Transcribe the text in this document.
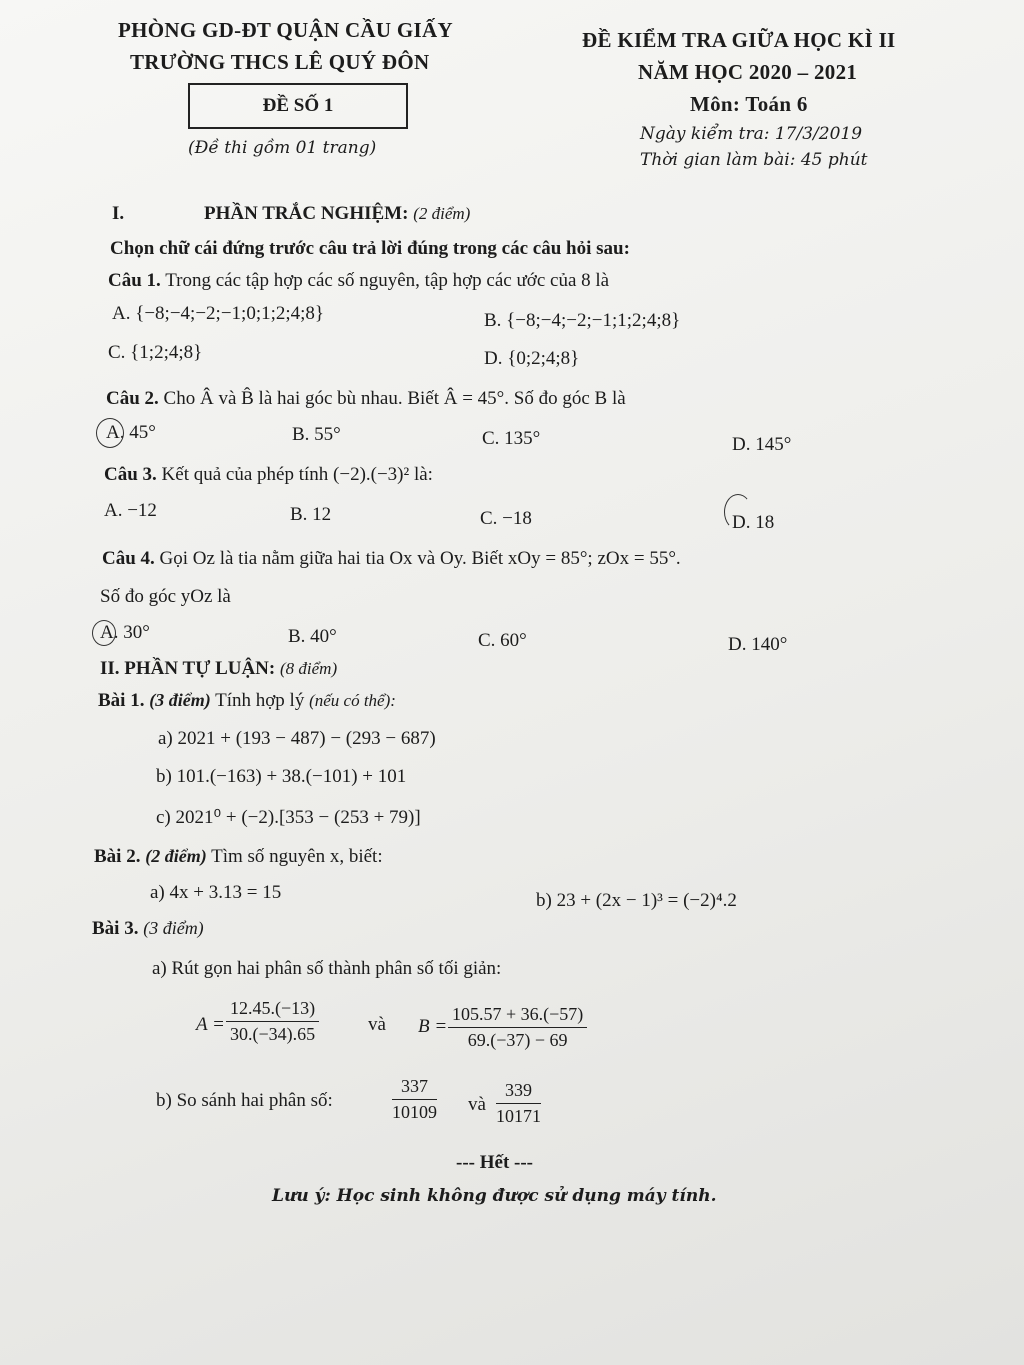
PHÒNG GD-ĐT QUẬN CẦU GIẤY
TRƯỜNG THCS LÊ QUÝ ĐÔN
ĐỀ SỐ 1
(Đề thi gồm 01 trang)
ĐỀ KIỂM TRA GIỮA HỌC KÌ II
NĂM HỌC 2020 – 2021
Môn: Toán 6
Ngày kiểm tra: 17/3/2019
Thời gian làm bài: 45 phút
I.	PHẦN TRẮC NGHIỆM: (2 điểm)
Chọn chữ cái đứng trước câu trả lời đúng trong các câu hỏi sau:
Câu 1. Trong các tập hợp các số nguyên, tập hợp các ước của 8 là
A. {−8;−4;−2;−1;0;1;2;4;8}	B. {−8;−4;−2;−1;1;2;4;8}
C. {1;2;4;8}	D. {0;2;4;8}
Câu 2. Cho Â và B̂ là hai góc bù nhau. Biết Â = 45°. Số đo góc B là
A. 45°	B. 55°	C. 135°	D. 145°
Câu 3. Kết quả của phép tính (−2).(−3)² là:
A. −12	B. 12	C. −18	D. 18
Câu 4. Gọi Oz là tia nằm giữa hai tia Ox và Oy. Biết xOy = 85°; zOx = 55°.
Số đo góc yOz là
A. 30°	B. 40°	C. 60°	D. 140°
II. PHẦN TỰ LUẬN: (8 điểm)
Bài 1. (3 điểm) Tính hợp lý (nếu có thể):
a) 2021 + (193 − 487) − (293 − 687)
b) 101.(−163) + 38.(−101) + 101
c) 2021⁰ + (−2).[353 − (253 + 79)]
Bài 2. (2 điểm) Tìm số nguyên x, biết:
a) 4x + 3.13 = 15	b) 23 + (2x − 1)³ = (−2)⁴.2
Bài 3. (3 điểm)
a) Rút gọn hai phân số thành phân số tối giản:
$A = \frac{12.45.(-13)}{30.(-34).65}$	và $B = \frac{105.57 + 36.(-57)}{69.(-37) - 69}$
b) So sánh hai phân số:	$\frac{337}{10109}$ và $\frac{339}{10171}$
--- Hết ---
Lưu ý: Học sinh không được sử dụng máy tính.
